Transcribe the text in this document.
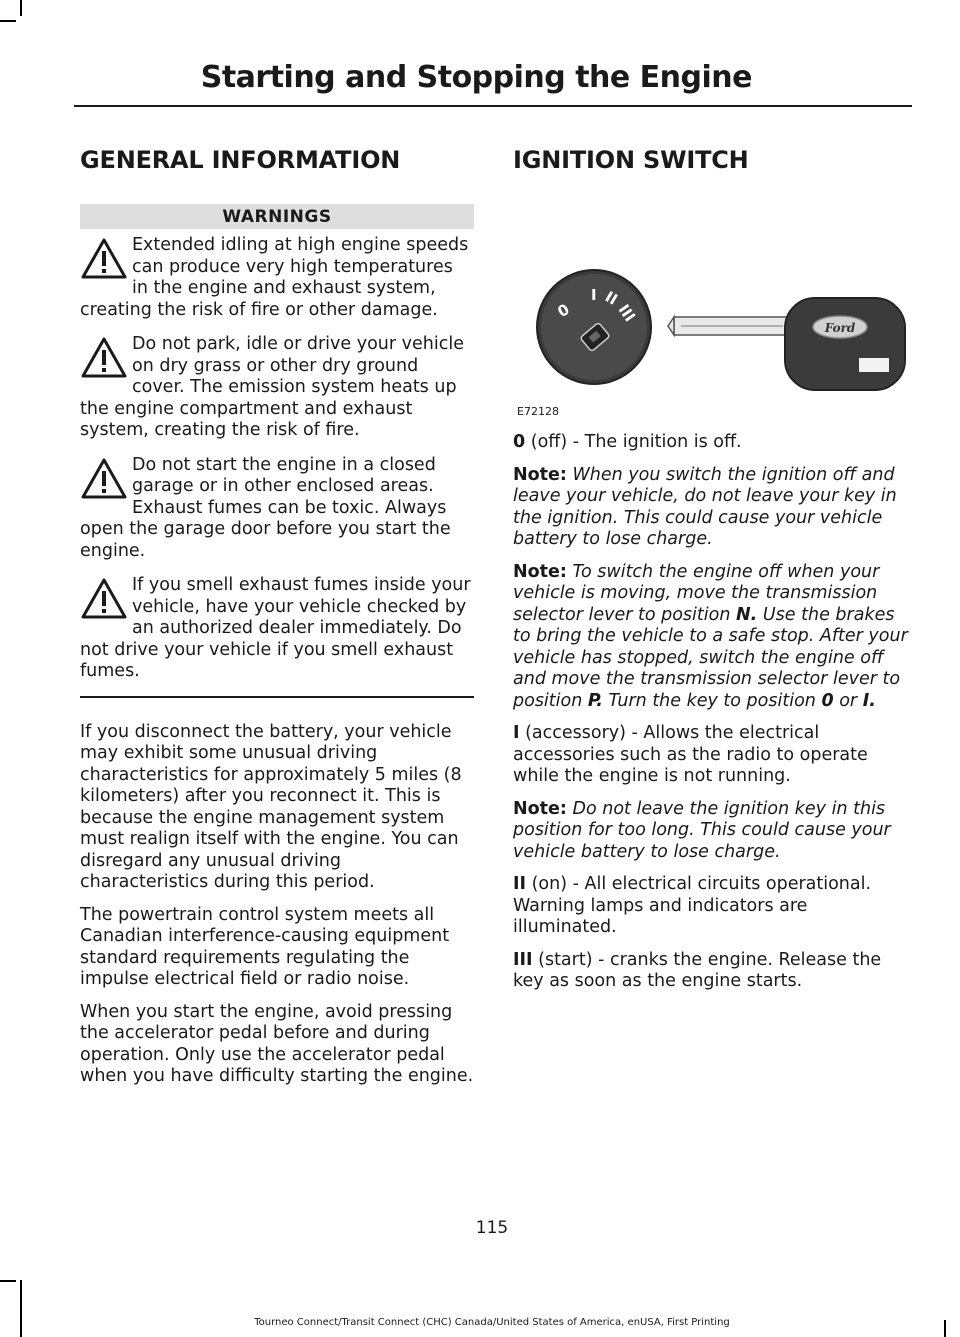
Starting and Stopping the Engine
GENERAL INFORMATION
WARNINGS
Extended idling at high engine speeds can produce very high temperatures in the engine and exhaust system, creating the risk of fire or other damage.
Do not park, idle or drive your vehicle on dry grass or other dry ground cover. The emission system heats up the engine compartment and exhaust system, creating the risk of fire.
Do not start the engine in a closed garage or in other enclosed areas. Exhaust fumes can be toxic. Always open the garage door before you start the engine.
If you smell exhaust fumes inside your vehicle, have your vehicle checked by an authorized dealer immediately. Do not drive your vehicle if you smell exhaust fumes.

If you disconnect the battery, your vehicle may exhibit some unusual driving characteristics for approximately 5 miles (8 kilometers) after you reconnect it. This is because the engine management system must realign itself with the engine. You can disregard any unusual driving characteristics during this period.

The powertrain control system meets all Canadian interference-causing equipment standard requirements regulating the impulse electrical field or radio noise.

When you start the engine, avoid pressing the accelerator pedal before and during operation. Only use the accelerator pedal when you have difficulty starting the engine.

IGNITION SWITCH
0
I II
III
Ford
E72128

0 (off) - The ignition is off.

Note: When you switch the ignition off and leave your vehicle, do not leave your key in the ignition. This could cause your vehicle battery to lose charge.

Note: To switch the engine off when your vehicle is moving, move the transmission selector lever to position N. Use the brakes to bring the vehicle to a safe stop. After your vehicle has stopped, switch the engine off and move the transmission selector lever to position P. Turn the key to position 0 or I.

I (accessory) - Allows the electrical accessories such as the radio to operate while the engine is not running.

Note: Do not leave the ignition key in this position for too long. This could cause your vehicle battery to lose charge.

II (on) - All electrical circuits operational. Warning lamps and indicators are illuminated.

III (start) - cranks the engine. Release the key as soon as the engine starts.

115
Tourneo Connect/Transit Connect (CHC) Canada/United States of America, enUSA, First Printing
